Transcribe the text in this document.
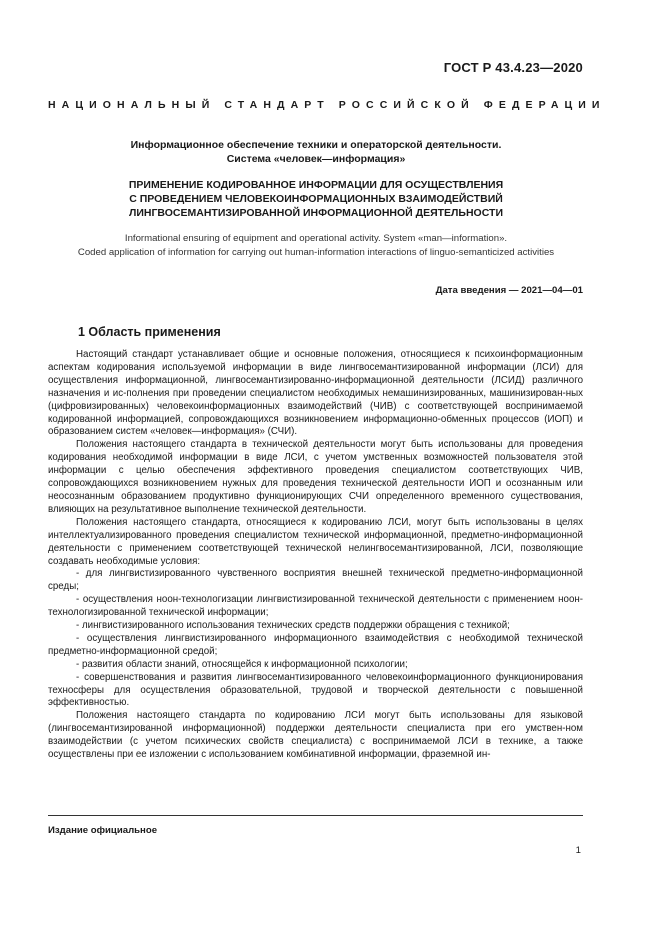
ГОСТ Р 43.4.23—2020
НАЦИОНАЛЬНЫЙ СТАНДАРТ РОССИЙСКОЙ ФЕДЕРАЦИИ
Информационное обеспечение техники и операторской деятельности.
Система «человек—информация»
ПРИМЕНЕНИЕ КОДИРОВАННОЕ ИНФОРМАЦИИ ДЛЯ ОСУЩЕСТВЛЕНИЯ
С ПРОВЕДЕНИЕМ ЧЕЛОВЕКОИНФОРМАЦИОННЫХ ВЗАИМОДЕЙСТВИЙ
ЛИНГВОСЕМАНТИЗИРОВАННОЙ ИНФОРМАЦИОННОЙ ДЕЯТЕЛЬНОСТИ
Informational ensuring of equipment and operational activity. System «man—information».
Coded application of information for carrying out human-information interactions of linguo-semanticized activities
Дата введения — 2021—04—01
1 Область применения

Настоящий стандарт устанавливает общие и основные положения, относящиеся к психоинформационным аспектам кодирования используемой информации в виде лингвосемантизированной информации (ЛСИ) для осуществления информационной, лингвосемантизированно-информационной деятельности (ЛСИД) различного назначения и ис-полнения при проведении специалистом необходимых немашинизированных, машинизирован-ных (цифровизированных) человекоинформационных взаимодействий (ЧИВ) с соответствующей воспринимаемой кодированной информацией, сопровождающихся возникновением информационно-обменных процессов (ИОП) и образованием систем «человек—информация» (СЧИ).

Положения настоящего стандарта в технической деятельности могут быть использованы для проведения кодирования необходимой информации в виде ЛСИ, с учетом умственных возможностей пользователя этой информации с целью обеспечения эффективного проведения специалистом соответствующих ЧИВ, сопровождающихся возникновением нужных для проведения технической деятельности ИОП и осознанным или неосознанным образованием продуктивно функционирующих СЧИ определенного временного существования, влияющих на результативное выполнение технической деятельности.

Положения настоящего стандарта, относящиеся к кодированию ЛСИ, могут быть использованы в целях интеллектуализированного проведения специалистом технической информационной, предметно-информационной деятельности с применением соответствующей технической нелингвосемантизированной, ЛСИ, позволяющие создавать необходимые условия:

- для лингвистизированного чувственного восприятия внешней технической предметно-информационной среды;

- осуществления ноон-технологизации лингвистизированной технической деятельности с применением ноон-технологизированной технической информации;

- лингвистизированного использования технических средств поддержки обращения с техникой;

- осуществления лингвистизированного информационного взаимодействия с необходимой технической предметно-информационной средой;

- развития области знаний, относящейся к информационной психологии;

- совершенствования и развития лингвосемантизированного человекоинформационного функционирования техносферы для осуществления образовательной, трудовой и творческой деятельности с повышенной эффективностью.

Положения настоящего стандарта по кодированию ЛСИ могут быть использованы для языковой (лингвосемантизированной информационной) поддержки деятельности специалиста при его умствен-ном взаимодействии (с учетом психических свойств специалиста) с воспринимаемой ЛСИ в технике, а также осуществлены при ее изложении с использованием комбинативной информации, фраземной ин-

Издание официальное
1
